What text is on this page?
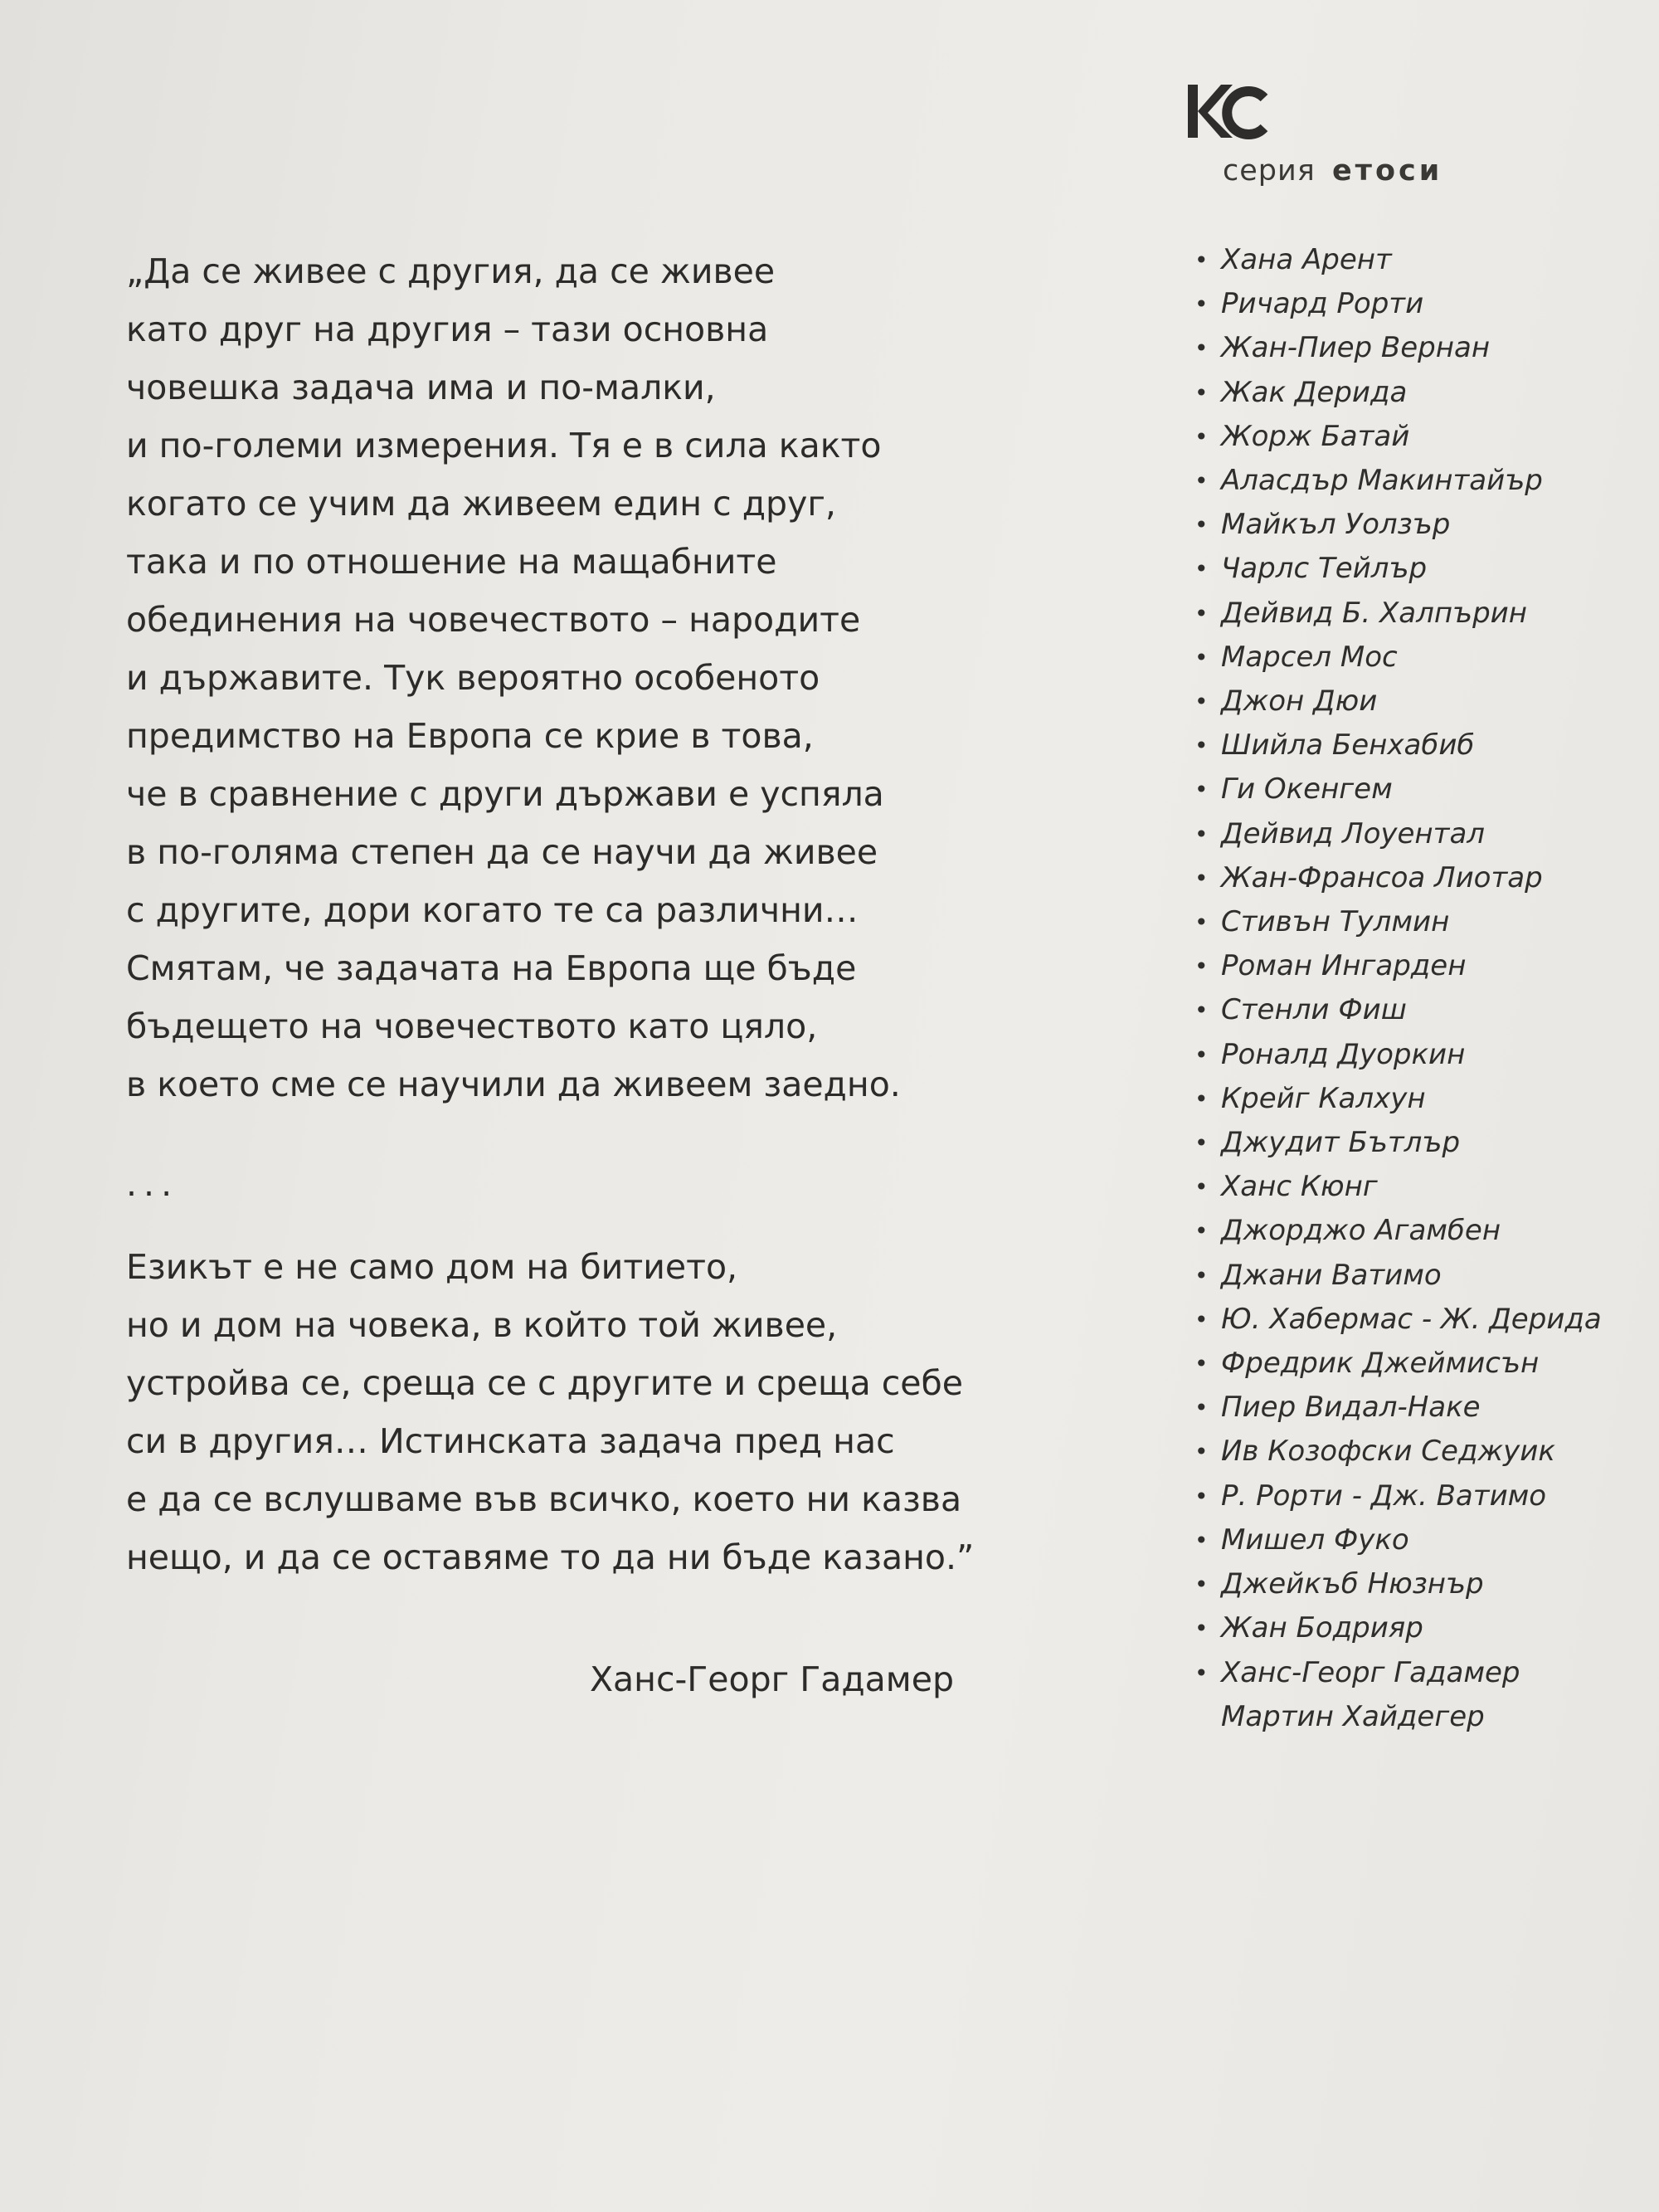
серия етоси
„Да се живее с другия, да се живее
като друг на другия – тази основна
човешка задача има и по-малки,
и по-големи измерения. Тя е в сила както
когато се учим да живеем един с друг,
така и по отношение на мащабните
обединения на човечеството – народите
и държавите. Тук вероятно особеното
предимство на Европа се крие в това,
че в сравнение с други държави е успяла
в по-голяма степен да се научи да живее
с другите, дори когато те са различни…
Смятам, че задачата на Европа ще бъде
бъдещето на човечеството като цяло,
в което сме се научили да живеем заедно.
...
Езикът е не само дом на битието,
но и дом на човека, в който той живее,
устройва се, среща се с другите и среща себе
си в другия… Истинската задача пред нас
е да се вслушваме във всичко, което ни казва
нещо, и да се оставяме то да ни бъде казано.”
Ханс-Георг Гадамер
• Хана Арент
• Ричард Рорти
• Жан-Пиер Вернан
• Жак Дерида
• Жорж Батай
• Аласдър Макинтайър
• Майкъл Уолзър
• Чарлс Тейлър
• Дейвид Б. Халпърин
• Марсел Мос
• Джон Дюи
• Шийла Бенхабиб
• Ги Окенгем
• Дейвид Лоуентал
• Жан-Франсоа Лиотар
• Стивън Тулмин
• Роман Ингарден
• Стенли Фиш
• Роналд Дуоркин
• Крейг Калхун
• Джудит Бътлър
• Ханс Кюнг
• Джорджо Агамбен
• Джани Ватимо
• Ю. Хабермас - Ж. Дерида
• Фредрик Джеймисън
• Пиер Видал-Наке
• Ив Козофски Седжуик
• Р. Рорти - Дж. Ватимо
• Мишел Фуко
• Джейкъб Нюзнър
• Жан Бодрияр
• Ханс-Георг Гадамер
Мартин Хайдегер
